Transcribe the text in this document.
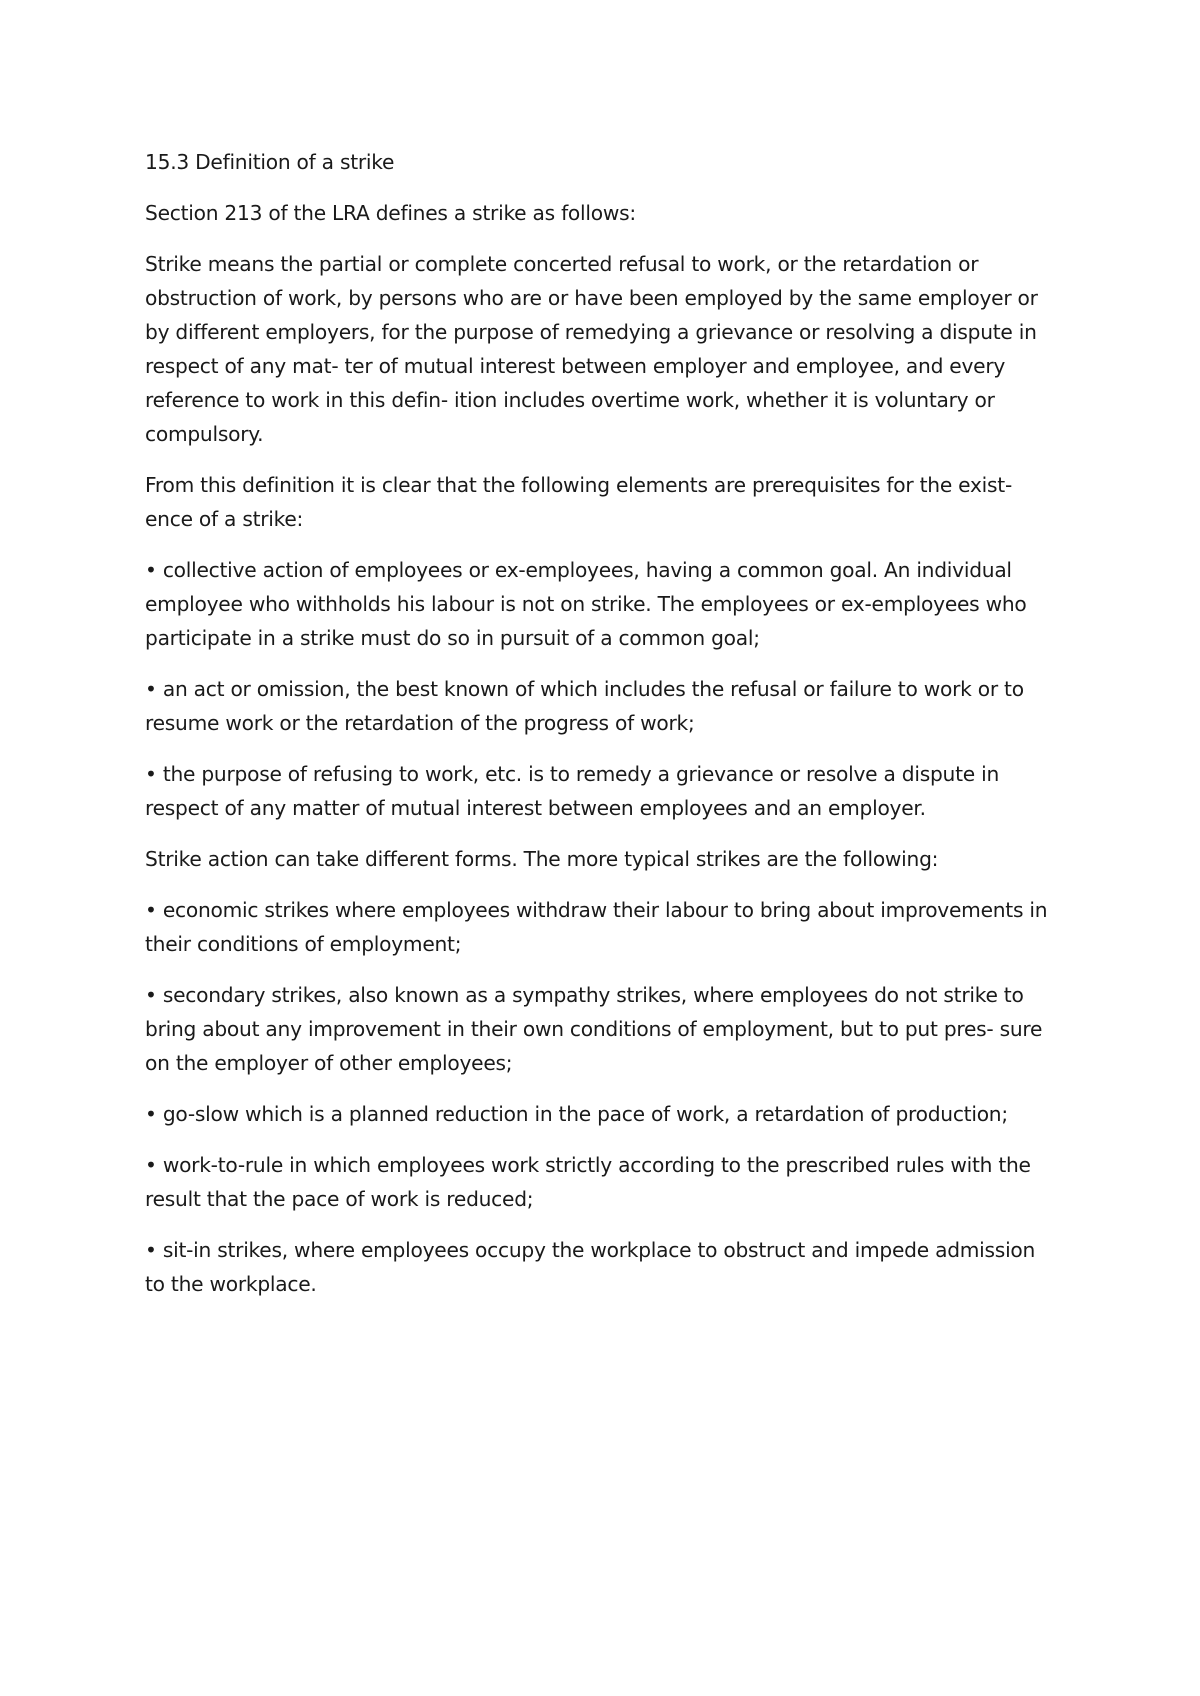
15.3 Definition of a strike

Section 213 of the LRA defines a strike as follows:

Strike means the partial or complete concerted refusal to work, or the retardation or obstruction of work, by persons who are or have been employed by the same employer or by different employers, for the purpose of remedying a grievance or resolving a dispute in respect of any mat- ter of mutual interest between employer and employee, and every reference to work in this defin- ition includes overtime work, whether it is voluntary or compulsory.

From this definition it is clear that the following elements are prerequisites for the exist- ence of a strike:

• collective action of employees or ex-employees, having a common goal. An individual employee who withholds his labour is not on strike. The employees or ex-employees who participate in a strike must do so in pursuit of a common goal;

• an act or omission, the best known of which includes the refusal or failure to work or to resume work or the retardation of the progress of work;

• the purpose of refusing to work, etc. is to remedy a grievance or resolve a dispute in respect of any matter of mutual interest between employees and an employer.

Strike action can take different forms. The more typical strikes are the following:

• economic strikes where employees withdraw their labour to bring about improvements in their conditions of employment;

• secondary strikes, also known as a sympathy strikes, where employees do not strike to bring about any improvement in their own conditions of employment, but to put pres- sure on the employer of other employees;

• go-slow which is a planned reduction in the pace of work, a retardation of production;

• work-to-rule in which employees work strictly according to the prescribed rules with the result that the pace of work is reduced;

• sit-in strikes, where employees occupy the workplace to obstruct and impede admission to the workplace.
